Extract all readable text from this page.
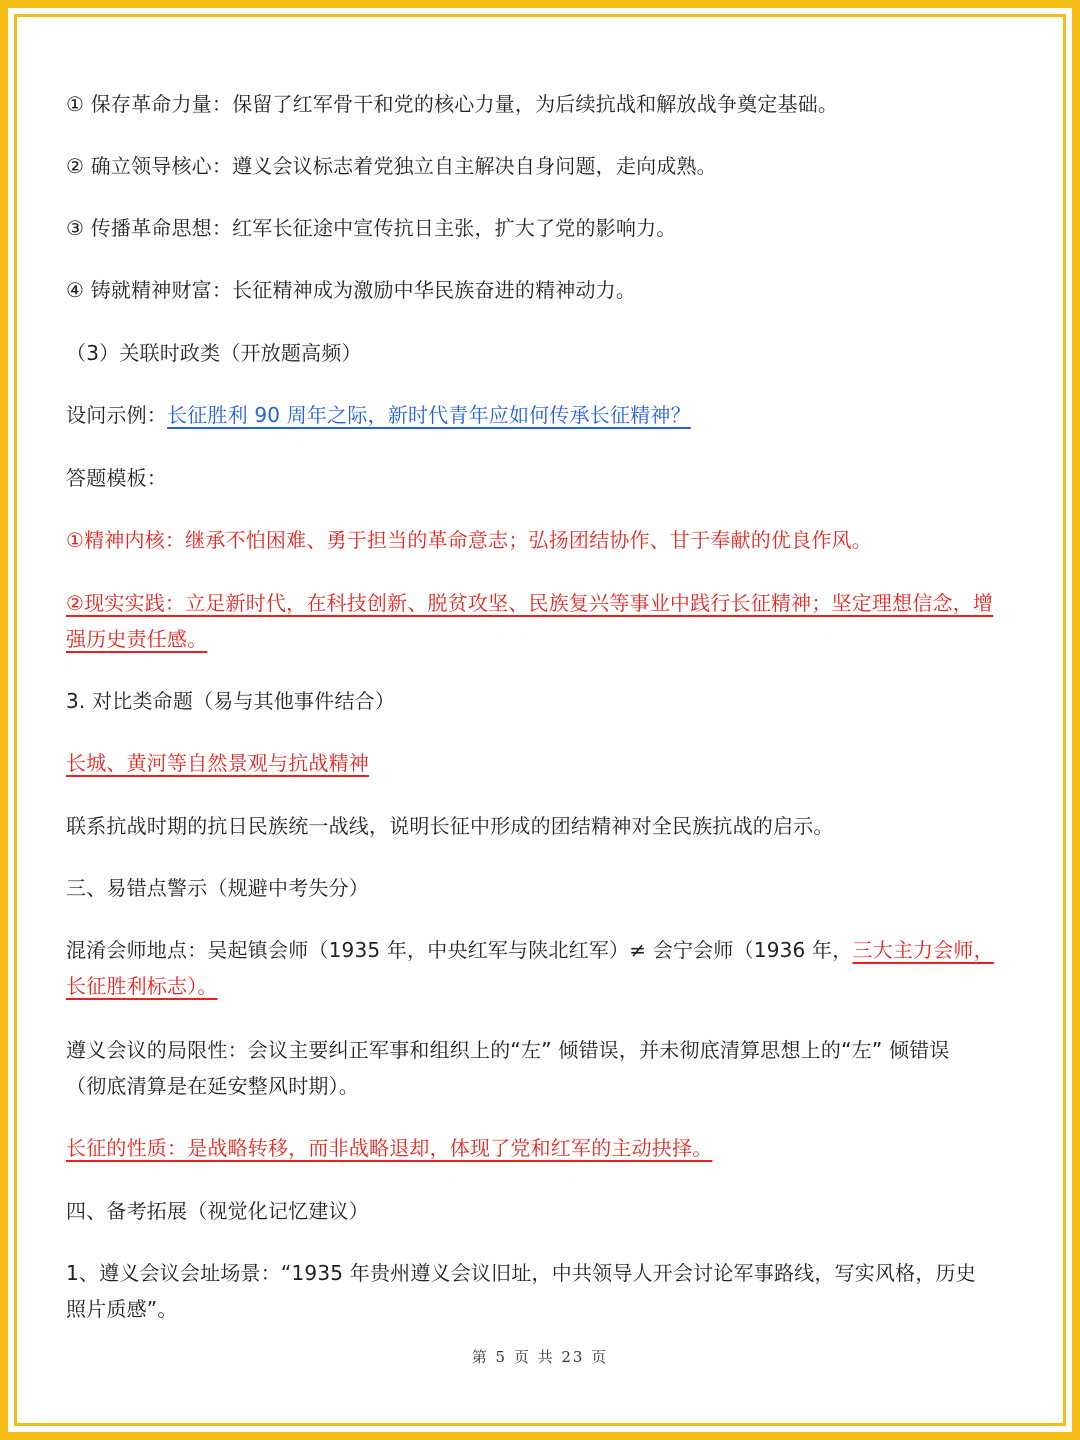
① 保存革命力量：保留了红军骨干和党的核心力量，为后续抗战和解放战争奠定基础。
② 确立领导核心：遵义会议标志着党独立自主解决自身问题，走向成熟。
③ 传播革命思想：红军长征途中宣传抗日主张，扩大了党的影响力。
④ 铸就精神财富：长征精神成为激励中华民族奋进的精神动力。
（3）关联时政类（开放题高频）
设问示例：长征胜利 90 周年之际，新时代青年应如何传承长征精神？
答题模板：
①精神内核：继承不怕困难、勇于担当的革命意志；弘扬团结协作、甘于奉献的优良作风。
②现实实践：立足新时代，在科技创新、脱贫攻坚、民族复兴等事业中践行长征精神；坚定理想信念，增
强历史责任感。
3. 对比类命题（易与其他事件结合）
长城、黄河等自然景观与抗战精神
联系抗战时期的抗日民族统一战线，说明长征中形成的团结精神对全民族抗战的启示。
三、易错点警示（规避中考失分）
混淆会师地点：吴起镇会师（1935 年，中央红军与陕北红军）≠ 会宁会师（1936 年，三大主力会师，
长征胜利标志）。
遵义会议的局限性：会议主要纠正军事和组织上的“左” 倾错误，并未彻底清算思想上的“左” 倾错误
（彻底清算是在延安整风时期）。
长征的性质：是战略转移，而非战略退却，体现了党和红军的主动抉择。
四、备考拓展（视觉化记忆建议）
1、遵义会议会址场景：“1935 年贵州遵义会议旧址，中共领导人开会讨论军事路线，写实风格，历史
照片质感”。
第 5 页 共 23 页
